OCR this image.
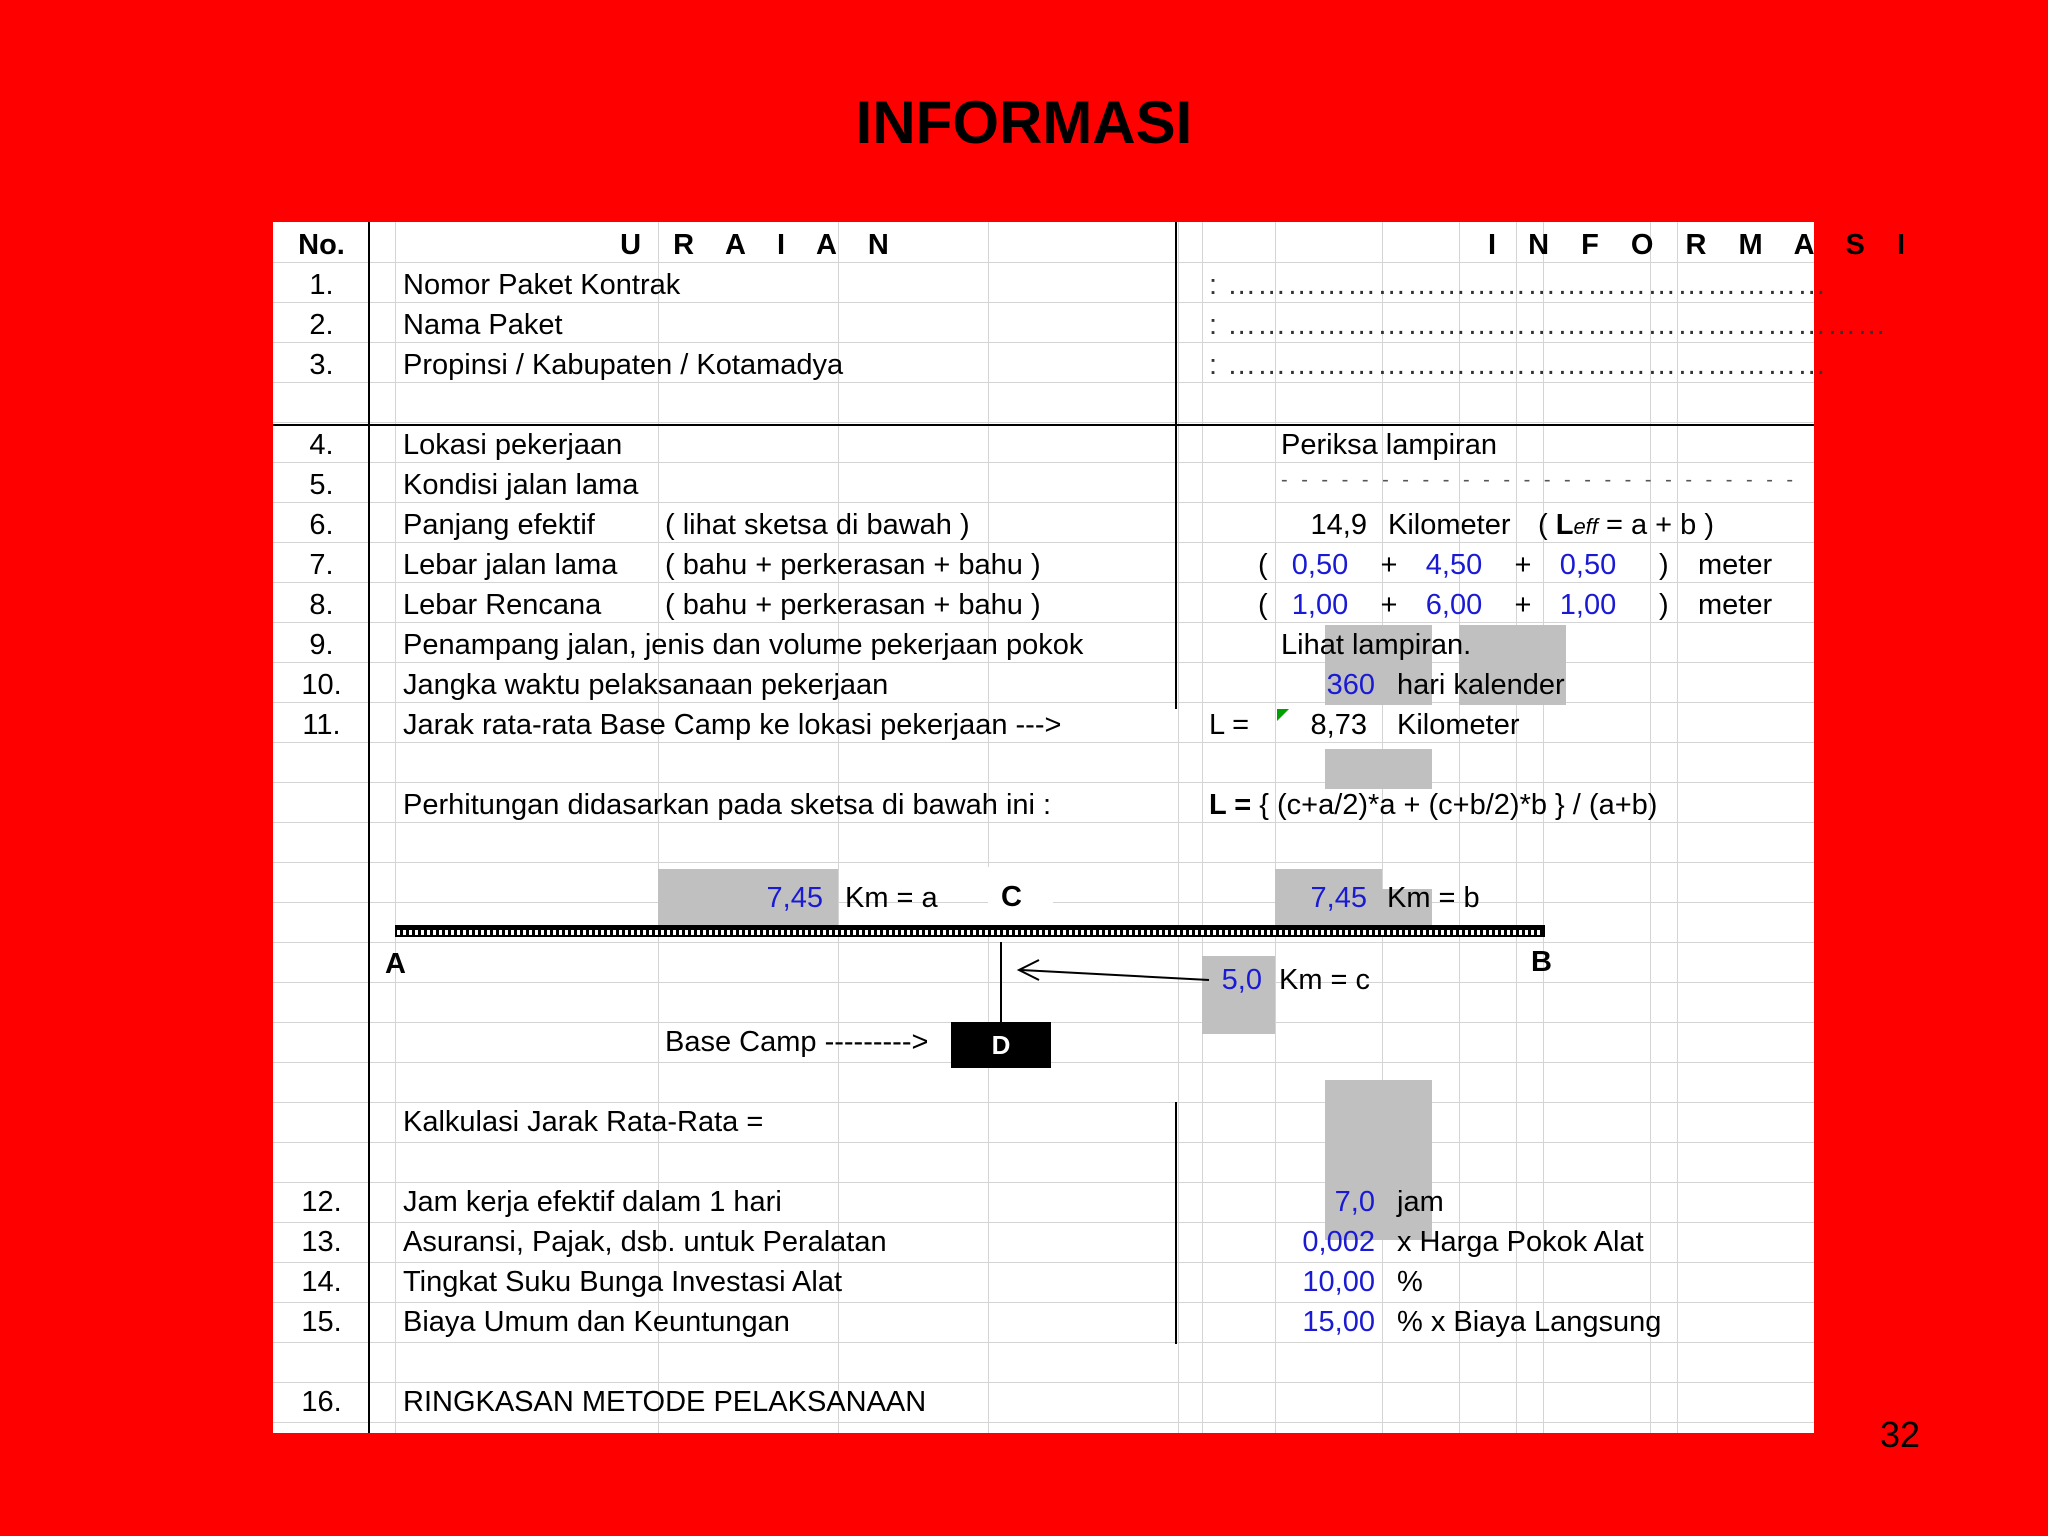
INFORMASI
No.	U R A I A N	I N F O R M A S I
1.	Nomor Paket Kontrak	: ……………………………………………………
2.	Nama Paket	: …………………………………………………………
3.	Propinsi / Kabupaten / Kotamadya	: ……………………………………………………
4.	Lokasi pekerjaan	Periksa lampiran
5.	Kondisi jalan lama	- - - - - - - - - - - - - - - - - - - - - - - - - -
6.	Panjang efektif ( lihat sketsa di bawah )	14,9 Kilometer ( Leff = a + b )
7.	Lebar jalan lama ( bahu + perkerasan + bahu )	( 0,50	+ 4,50	+ 0,50	) meter
8.	Lebar Rencana ( bahu + perkerasan + bahu )	( 1,00	+ 6,00	+ 1,00	) meter
9.	Penampang jalan, jenis dan volume pekerjaan pokok	Lihat lampiran.
10.	Jangka waktu pelaksanaan pekerjaan	360 hari kalender
11.	Jarak rata-rata Base Camp ke lokasi pekerjaan --->	L =	8,73 Kilometer
Perhitungan didasarkan pada sketsa di bawah ini :	L = { (c+a/2)*a + (c+b/2)*b } / (a+b)
7,45 Km = a C	7,45 Km = b
A	B
5,0 Km = c
Base Camp --------->	D
Kalkulasi Jarak Rata-Rata =
12.	Jam kerja efektif dalam 1 hari	7,0 jam
13.	Asuransi, Pajak, dsb. untuk Peralatan	0,002 x Harga Pokok Alat
14.	Tingkat Suku Bunga Investasi Alat	10,00 %
15.	Biaya Umum dan Keuntungan	15,00 % x Biaya Langsung
16.	RINGKASAN METODE PELAKSANAAN
32
